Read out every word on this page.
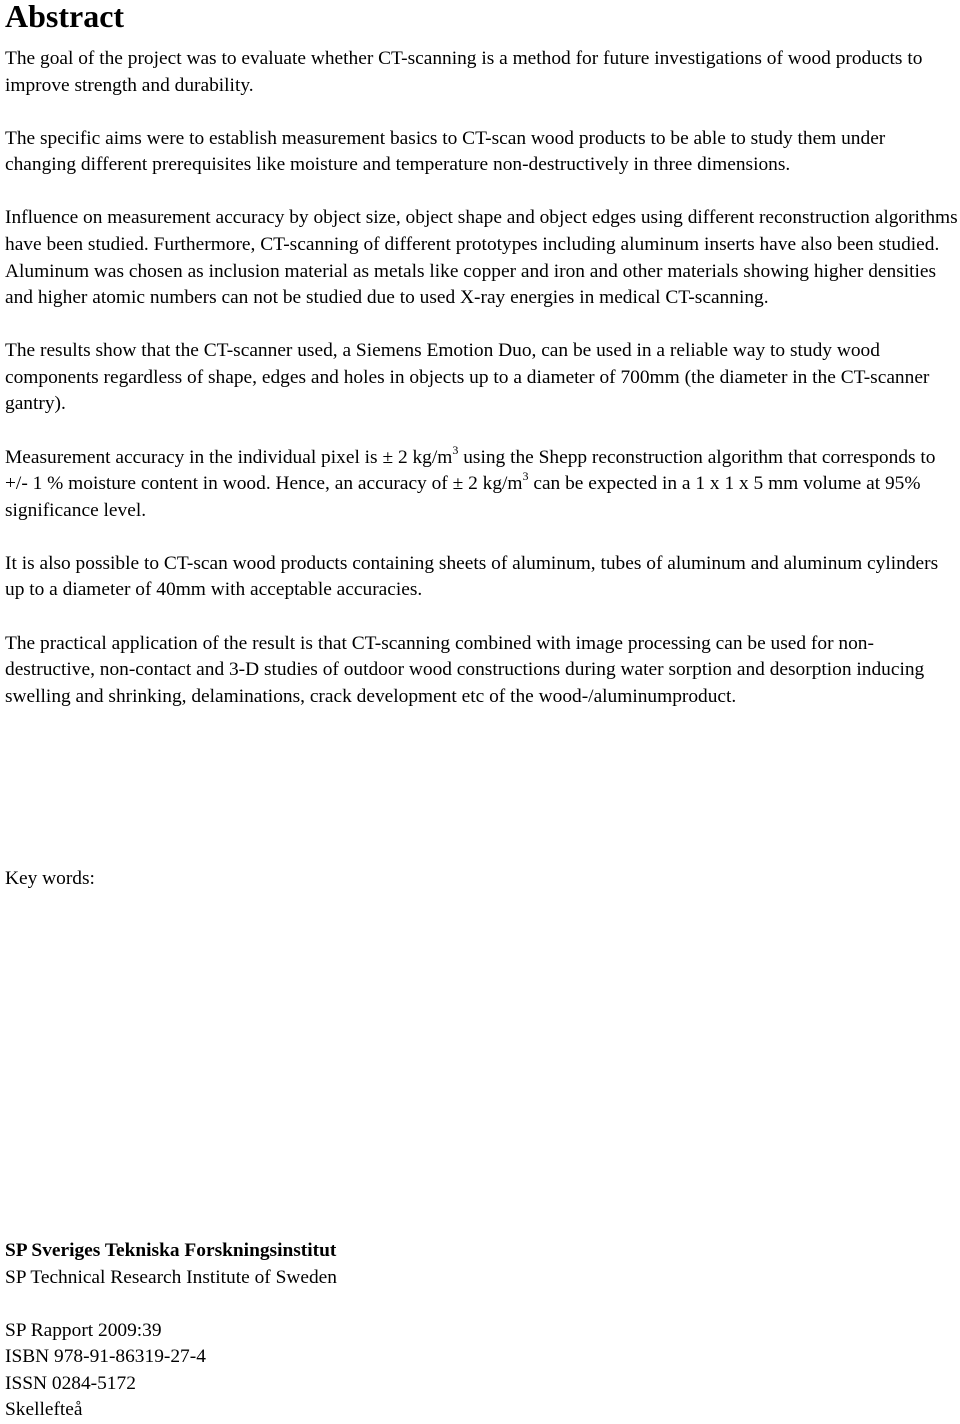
Abstract

The goal of the project was to evaluate whether CT-scanning is a method for future investigations of wood products to improve strength and durability.

The specific aims were to establish measurement basics to CT-scan wood products to be able to study them under changing different prerequisites like moisture and temperature non-destructively in three dimensions.

Influence on measurement accuracy by object size, object shape and object edges using different reconstruction algorithms have been studied. Furthermore, CT-scanning of different prototypes including aluminum inserts have also been studied. Aluminum was chosen as inclusion material as metals like copper and iron and other materials showing higher densities and higher atomic numbers can not be studied due to used X-ray energies in medical CT-scanning.

The results show that the CT-scanner used, a Siemens Emotion Duo, can be used in a reliable way to study wood components regardless of shape, edges and holes in objects up to a diameter of 700mm (the diameter in the CT-scanner gantry).

Measurement accuracy in the individual pixel is ± 2 $kg/m^3$ using the Shepp reconstruction algorithm that corresponds to +/- 1 % moisture content in wood. Hence, an accuracy of ± 2 $kg/m^3$ can be expected in a 1 x 1 x 5 mm volume at 95% significance level.

It is also possible to CT-scan wood products containing sheets of aluminum, tubes of aluminum and aluminum cylinders up to a diameter of 40mm with acceptable accuracies.

The practical application of the result is that CT-scanning combined with image processing can be used for non-destructive, non-contact and 3-D studies of outdoor wood constructions during water sorption and desorption inducing swelling and shrinking, delaminations, crack development etc of the wood-/aluminumproduct.

Key words:
SP Sveriges Tekniska Forskningsinstitut
SP Technical Research Institute of Sweden
SP Rapport 2009:39
ISBN 978-91-86319-27-4
ISSN 0284-5172
Skellefteå
